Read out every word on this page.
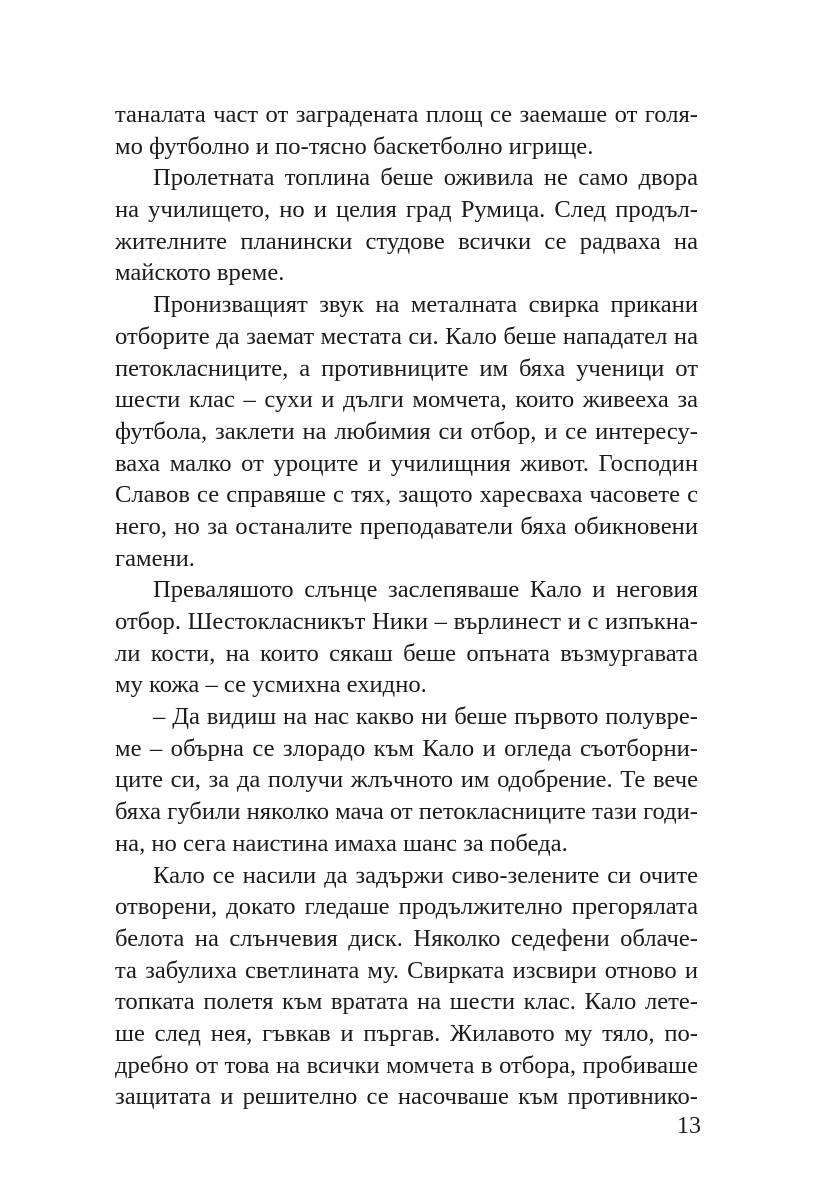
таналата част от заградената площ се заемаше от голя-
мо футболно и по-тясно баскетболно игрище.
Пролетната топлина беше оживила не само двора
на училището, но и целия град Румица. След продъл-
жителните планински студове всички се радваха на
майското време.
Пронизващият звук на металната свирка прикани
отборите да заемат местата си. Кало беше нападател на
петокласниците, а противниците им бяха ученици от
шести клас – сухи и дълги момчета, които живееха за
футбола, заклети на любимия си отбор, и се интересу-
ваха малко от уроците и училищния живот. Господин
Славов се справяше с тях, защото харесваха часовете с
него, но за останалите преподаватели бяха обикновени
гамени.
Преваляшото слънце заслепяваше Кало и неговия
отбор. Шестокласникът Ники – върлинест и с изпъкна-
ли кости, на които сякаш беше опъната възмургавата
му кожа – се усмихна ехидно.
– Да видиш на нас какво ни беше първото полувре-
ме – обърна се злорадо към Кало и огледа съотборни-
ците си, за да получи жлъчното им одобрение. Те вече
бяха губили няколко мача от петокласниците тази годи-
на, но сега наистина имаха шанс за победа.
Кало се насили да задържи сиво-зелените си очите
отворени, докато гледаше продължително прегорялата
белота на слънчевия диск. Няколко седефени облаче-
та забулиха светлината му. Свирката изсвири отново и
топката полетя към вратата на шести клас. Кало лете-
ше след нея, гъвкав и пъргав. Жилавото му тяло, по-
дребно от това на всички момчета в отбора, пробиваше
защитата и решително се насочваше към противнико-
13
